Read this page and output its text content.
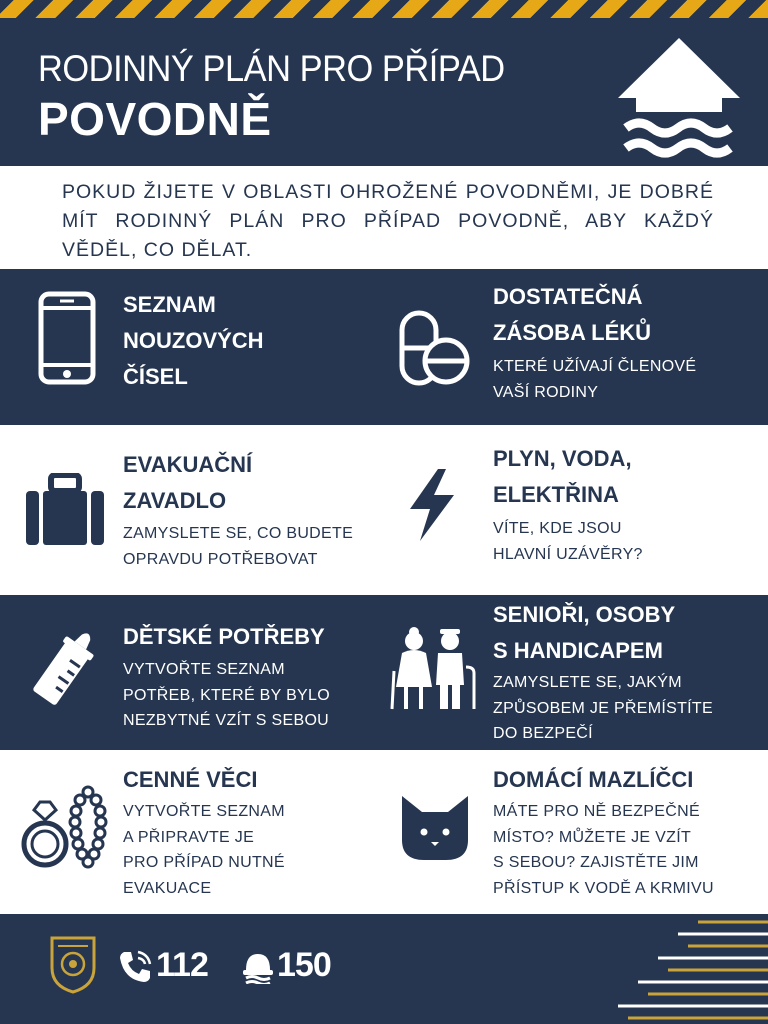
RODINNÝ PLÁN PRO PŘÍPAD
POVODNĚ
POKUD ŽIJETE V OBLASTI OHROŽENÉ POVODNĚMI, JE DOBRÉ MÍT RODINNÝ PLÁN PRO PŘÍPAD POVODNĚ, ABY KAŽDÝ VĚDĚL, CO DĚLAT.
SEZNAM
NOUZOVÝCH
ČÍSEL
DOSTATEČNÁ
ZÁSOBA LÉKŮ
KTERÉ UŽÍVAJÍ ČLENOVÉ
VAŠÍ RODINY
EVAKUAČNÍ
ZAVADLO
ZAMYSLETE SE, CO BUDETE
OPRAVDU POTŘEBOVAT
PLYN, VODA,
ELEKTŘINA
VÍTE, KDE JSOU
HLAVNÍ UZÁVĚRY?
DĚTSKÉ POTŘEBY
VYTVOŘTE SEZNAM
POTŘEB, KTERÉ BY BYLO
NEZBYTNÉ VZÍT S SEBOU
SENIOŘI, OSOBY
S HANDICAPEM
ZAMYSLETE SE, JAKÝM
ZPŮSOBEM JE PŘEMÍSTÍTE
DO BEZPEČÍ
CENNÉ VĚCI
VYTVOŘTE SEZNAM
A PŘIPRAVTE JE
PRO PŘÍPAD NUTNÉ
EVAKUACE
DOMÁCÍ MAZLÍČCI
MÁTE PRO NĚ BEZPEČNÉ
MÍSTO? MŮŽETE JE VZÍT
S SEBOU? ZAJISTĚTE JIM
PŘÍSTUP K VODĚ A KRMIVU
112 150
